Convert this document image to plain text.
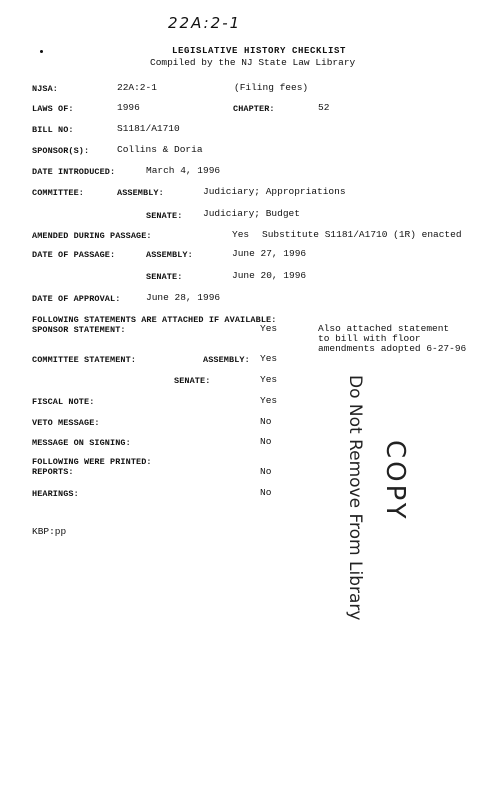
22A:2-1
LEGISLATIVE HISTORY CHECKLIST
Compiled by the NJ State Law Library
NJSA:	22A:2-1	(Filing fees)
LAWS OF:	1996	CHAPTER:	52
BILL NO:	S1181/A1710
SPONSOR(S):	Collins & Doria
DATE INTRODUCED:	March 4, 1996
COMMITTEE:	ASSEMBLY:	Judiciary; Appropriations
SENATE: Judiciary; Budget
AMENDED DURING PASSAGE:	Yes Substitute S1181/A1710 (1R) enacted
DATE OF PASSAGE:	ASSEMBLY:	June 27, 1996
SENATE:	June 20, 1996
DATE OF APPROVAL:	June 28, 1996
FOLLOWING STATEMENTS ARE ATTACHED IF AVAILABLE:
SPONSOR STATEMENT:	Yes	Also attached statement
to bill with floor
amendments adopted 6-27-96
COMMITTEE STATEMENT:	ASSEMBLY: Yes
SENATE:	Yes
FISCAL NOTE:	Yes
VETO MESSAGE:	No
MESSAGE ON SIGNING:	No
FOLLOWING WERE PRINTED:
REPORTS:	No
HEARINGS:	No
KBP:pp	Do Not Remove From Library COPY
